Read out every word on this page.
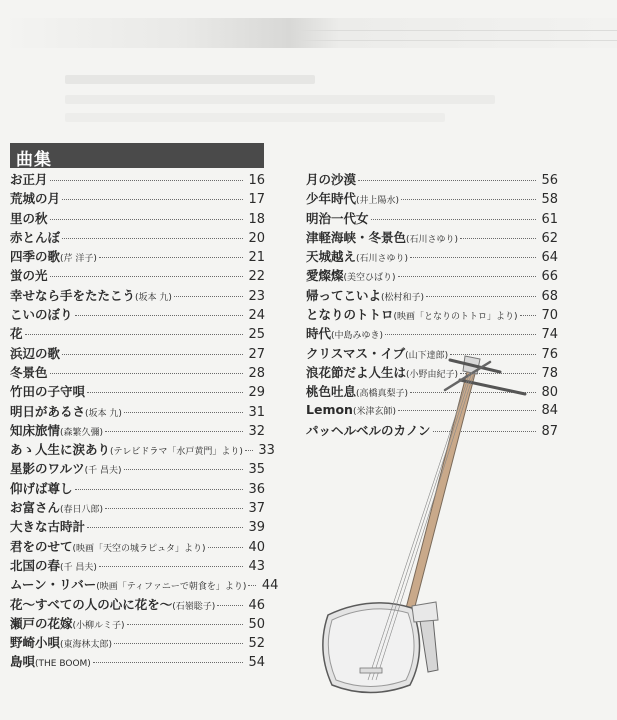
曲集
お正月	16
荒城の月	17
里の秋	18
赤とんぼ	20
四季の歌 (芹 洋子)	21
蛍の光	22
幸せなら手をたたこう (坂本 九)	23
こいのぼり	24
花	25
浜辺の歌	27
冬景色	28
竹田の子守唄	29
明日があるさ (坂本 九)	31
知床旅情 (森繁久彌)	32
あゝ人生に涙あり (テレビドラマ「水戸黄門」より) 33
星影のワルツ (千 昌夫)	35
仰げば尊し	36
お富さん (春日八郎)	37
大きな古時計	39
君をのせて (映画「天空の城ラピュタ」より)	40
北国の春 (千 昌夫)	43
ムーン・リバー (映画「ティファニーで朝食を」より) 44
花～すべての人の心に花を～ (石嶺聡子)	46
瀬戸の花嫁 (小柳ルミ子)	50
野崎小唄 (東海林太郎)	52
島唄 (THE BOOM)	54
月の沙漠	56
少年時代 (井上陽水)	58
明治一代女	61
津軽海峡・冬景色 (石川さゆり)	62
天城越え (石川さゆり)	64
愛燦燦 (美空ひばり)	66
帰ってこいよ (松村和子)	68
となりのトトロ (映画「となりのトトロ」より) 70
時代 (中島みゆき)	74
クリスマス・イブ (山下達郎)	76
浪花節だよ人生は (小野由紀子)	78
桃色吐息 (高橋真梨子)	80
Lemon (米津玄師)	84
パッヘルベルのカノン	87
